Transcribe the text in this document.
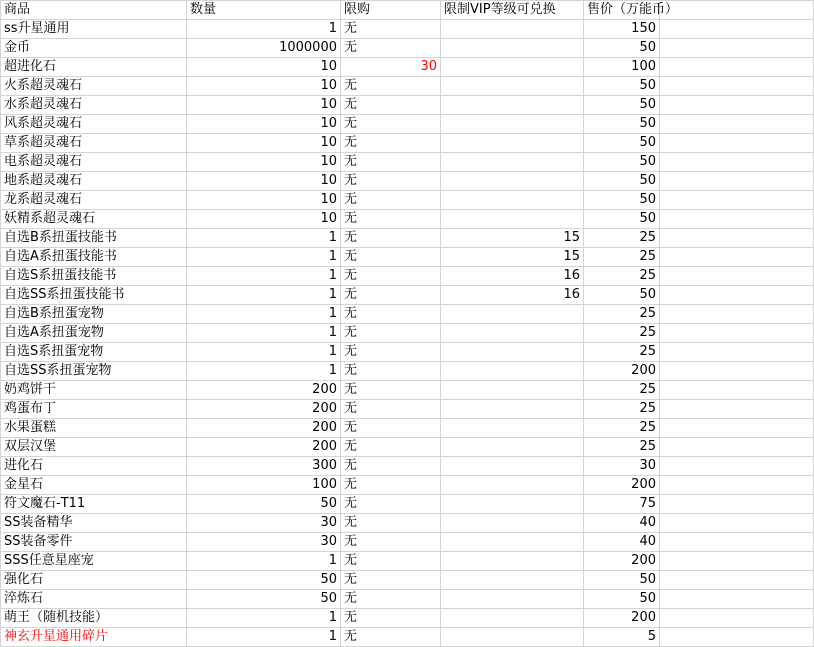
商品	数量	限购	限制VIP等级可兑换	售价（万能币）	
ss升星通用	1	无		150	
金币	1000000	无		50	
超进化石	10	30		100	
火系超灵魂石	10	无		50	
水系超灵魂石	10	无		50	
风系超灵魂石	10	无		50	
草系超灵魂石	10	无		50	
电系超灵魂石	10	无		50	
地系超灵魂石	10	无		50	
龙系超灵魂石	10	无		50	
妖精系超灵魂石	10	无		50	
自选B系扭蛋技能书	1	无	15	25	
自选A系扭蛋技能书	1	无	15	25	
自选S系扭蛋技能书	1	无	16	25	
自选SS系扭蛋技能书	1	无	16	50	
自选B系扭蛋宠物	1	无		25	
自选A系扭蛋宠物	1	无		25	
自选S系扭蛋宠物	1	无		25	
自选SS系扭蛋宠物	1	无		200	
奶鸡饼干	200	无		25	
鸡蛋布丁	200	无		25	
水果蛋糕	200	无		25	
双层汉堡	200	无		25	
进化石	300	无		30	
金星石	100	无		200	
符文魔石-T11	50	无		75	
SS装备精华	30	无		40	
SS装备零件	30	无		40	
SSS任意星座宠	1	无		200	
强化石	50	无		50	
淬炼石	50	无		50	
萌王（随机技能）	1	无		200	
神玄升星通用碎片	1	无		5	
